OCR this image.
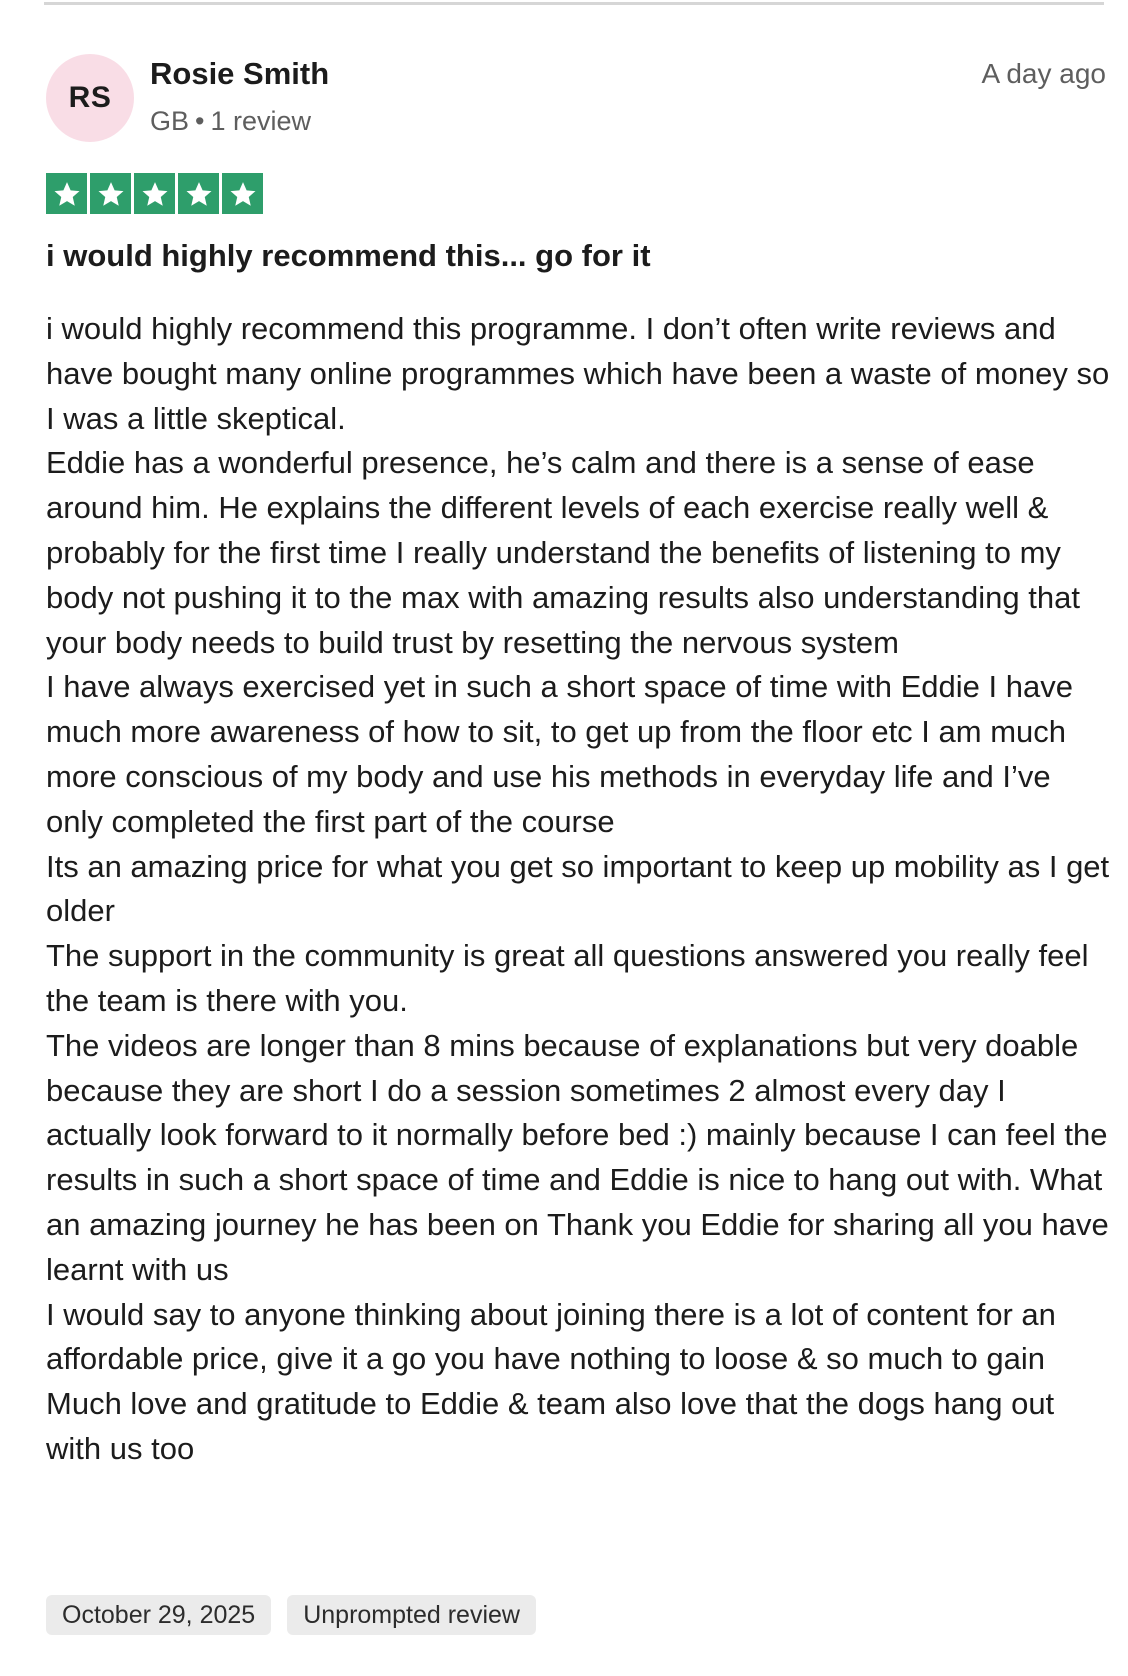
RS
Rosie Smith
GB • 1 review
A day ago
i would highly recommend this... go for it

i would highly recommend this programme. I don’t often write reviews and have bought many online programmes which have been a waste of money so I was a little skeptical.

Eddie has a wonderful presence, he’s calm and there is a sense of ease around him. He explains the different levels of each exercise really well & probably for the first time I really understand the benefits of listening to my body not pushing it to the max with amazing results also understanding that your body needs to build trust by resetting the nervous system

I have always exercised yet in such a short space of time with Eddie I have much more awareness of how to sit, to get up from the floor etc I am much more conscious of my body and use his methods in everyday life and I’ve only completed the first part of the course

Its an amazing price for what you get so important to keep up mobility as I get older

The support in the community is great all questions answered you really feel the team is there with you.

The videos are longer than 8 mins because of explanations but very doable because they are short I do a session sometimes 2 almost every day I actually look forward to it normally before bed :) mainly because I can feel the results in such a short space of time and Eddie is nice to hang out with. What an amazing journey he has been on Thank you Eddie for sharing all you have learnt with us

I would say to anyone thinking about joining there is a lot of content for an affordable price, give it a go you have nothing to loose & so much to gain

Much love and gratitude to Eddie & team also love that the dogs hang out with us too

October 29, 2025	Unprompted review
